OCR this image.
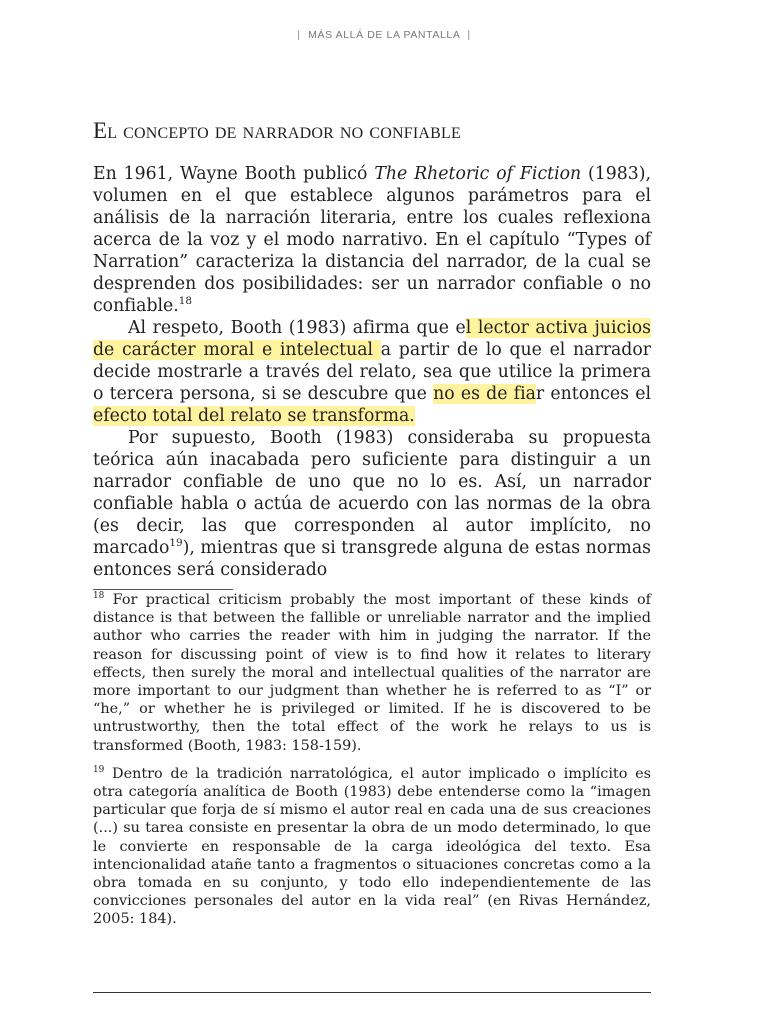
| MÁS ALLÁ DE LA PANTALLA |
El concepto de narrador no confiable

En 1961, Wayne Booth publicó The Rhetoric of Fiction (1983), volumen en el que establece algunos parámetros para el análisis de la narración literaria, entre los cuales reflexiona acerca de la voz y el modo narrativo. En el capítulo “Types of Narration” caracteriza la distancia del narrador, de la cual se desprenden dos posibilidades: ser un narrador confiable o no confiable.$^{18}$

Al respeto, Booth (1983) afirma que el lector activa juicios de carácter moral e intelectual a partir de lo que el narrador decide mostrarle a través del relato, sea que utilice la primera o tercera persona, si se descubre que no es de fiar entonces el efecto total del relato se transforma.

Por supuesto, Booth (1983) consideraba su propuesta teórica aún inacabada pero suficiente para distinguir a un narrador confiable de uno que no lo es. Así, un narrador confiable habla o actúa de acuerdo con las normas de la obra (es decir, las que corresponden al autor implícito, no marcado$^{19}$), mientras que si transgrede alguna de estas normas entonces será considerado

$^{18}$ For practical criticism probably the most important of these kinds of distance is that between the fallible or unreliable narrator and the implied author who carries the reader with him in judging the narrator. If the reason for discussing point of view is to find how it relates to literary effects, then surely the moral and intellectual qualities of the narrator are more important to our judgment than whether he is referred to as “I” or “he,” or whether he is privileged or limited. If he is discovered to be untrustworthy, then the total effect of the work he relays to us is transformed (Booth, 1983: 158-159).

$^{19}$ Dentro de la tradición narratológica, el autor implicado o implícito es otra categoría analítica de Booth (1983) debe entenderse como la “imagen particular que forja de sí mismo el autor real en cada una de sus creaciones (...) su tarea consiste en presentar la obra de un modo determinado, lo que le convierte en responsable de la carga ideológica del texto. Esa intencionalidad atañe tanto a fragmentos o situaciones concretas como a la obra tomada en su conjunto, y todo ello independientemente de las convicciones personales del autor en la vida real” (en Rivas Hernández, 2005: 184).
